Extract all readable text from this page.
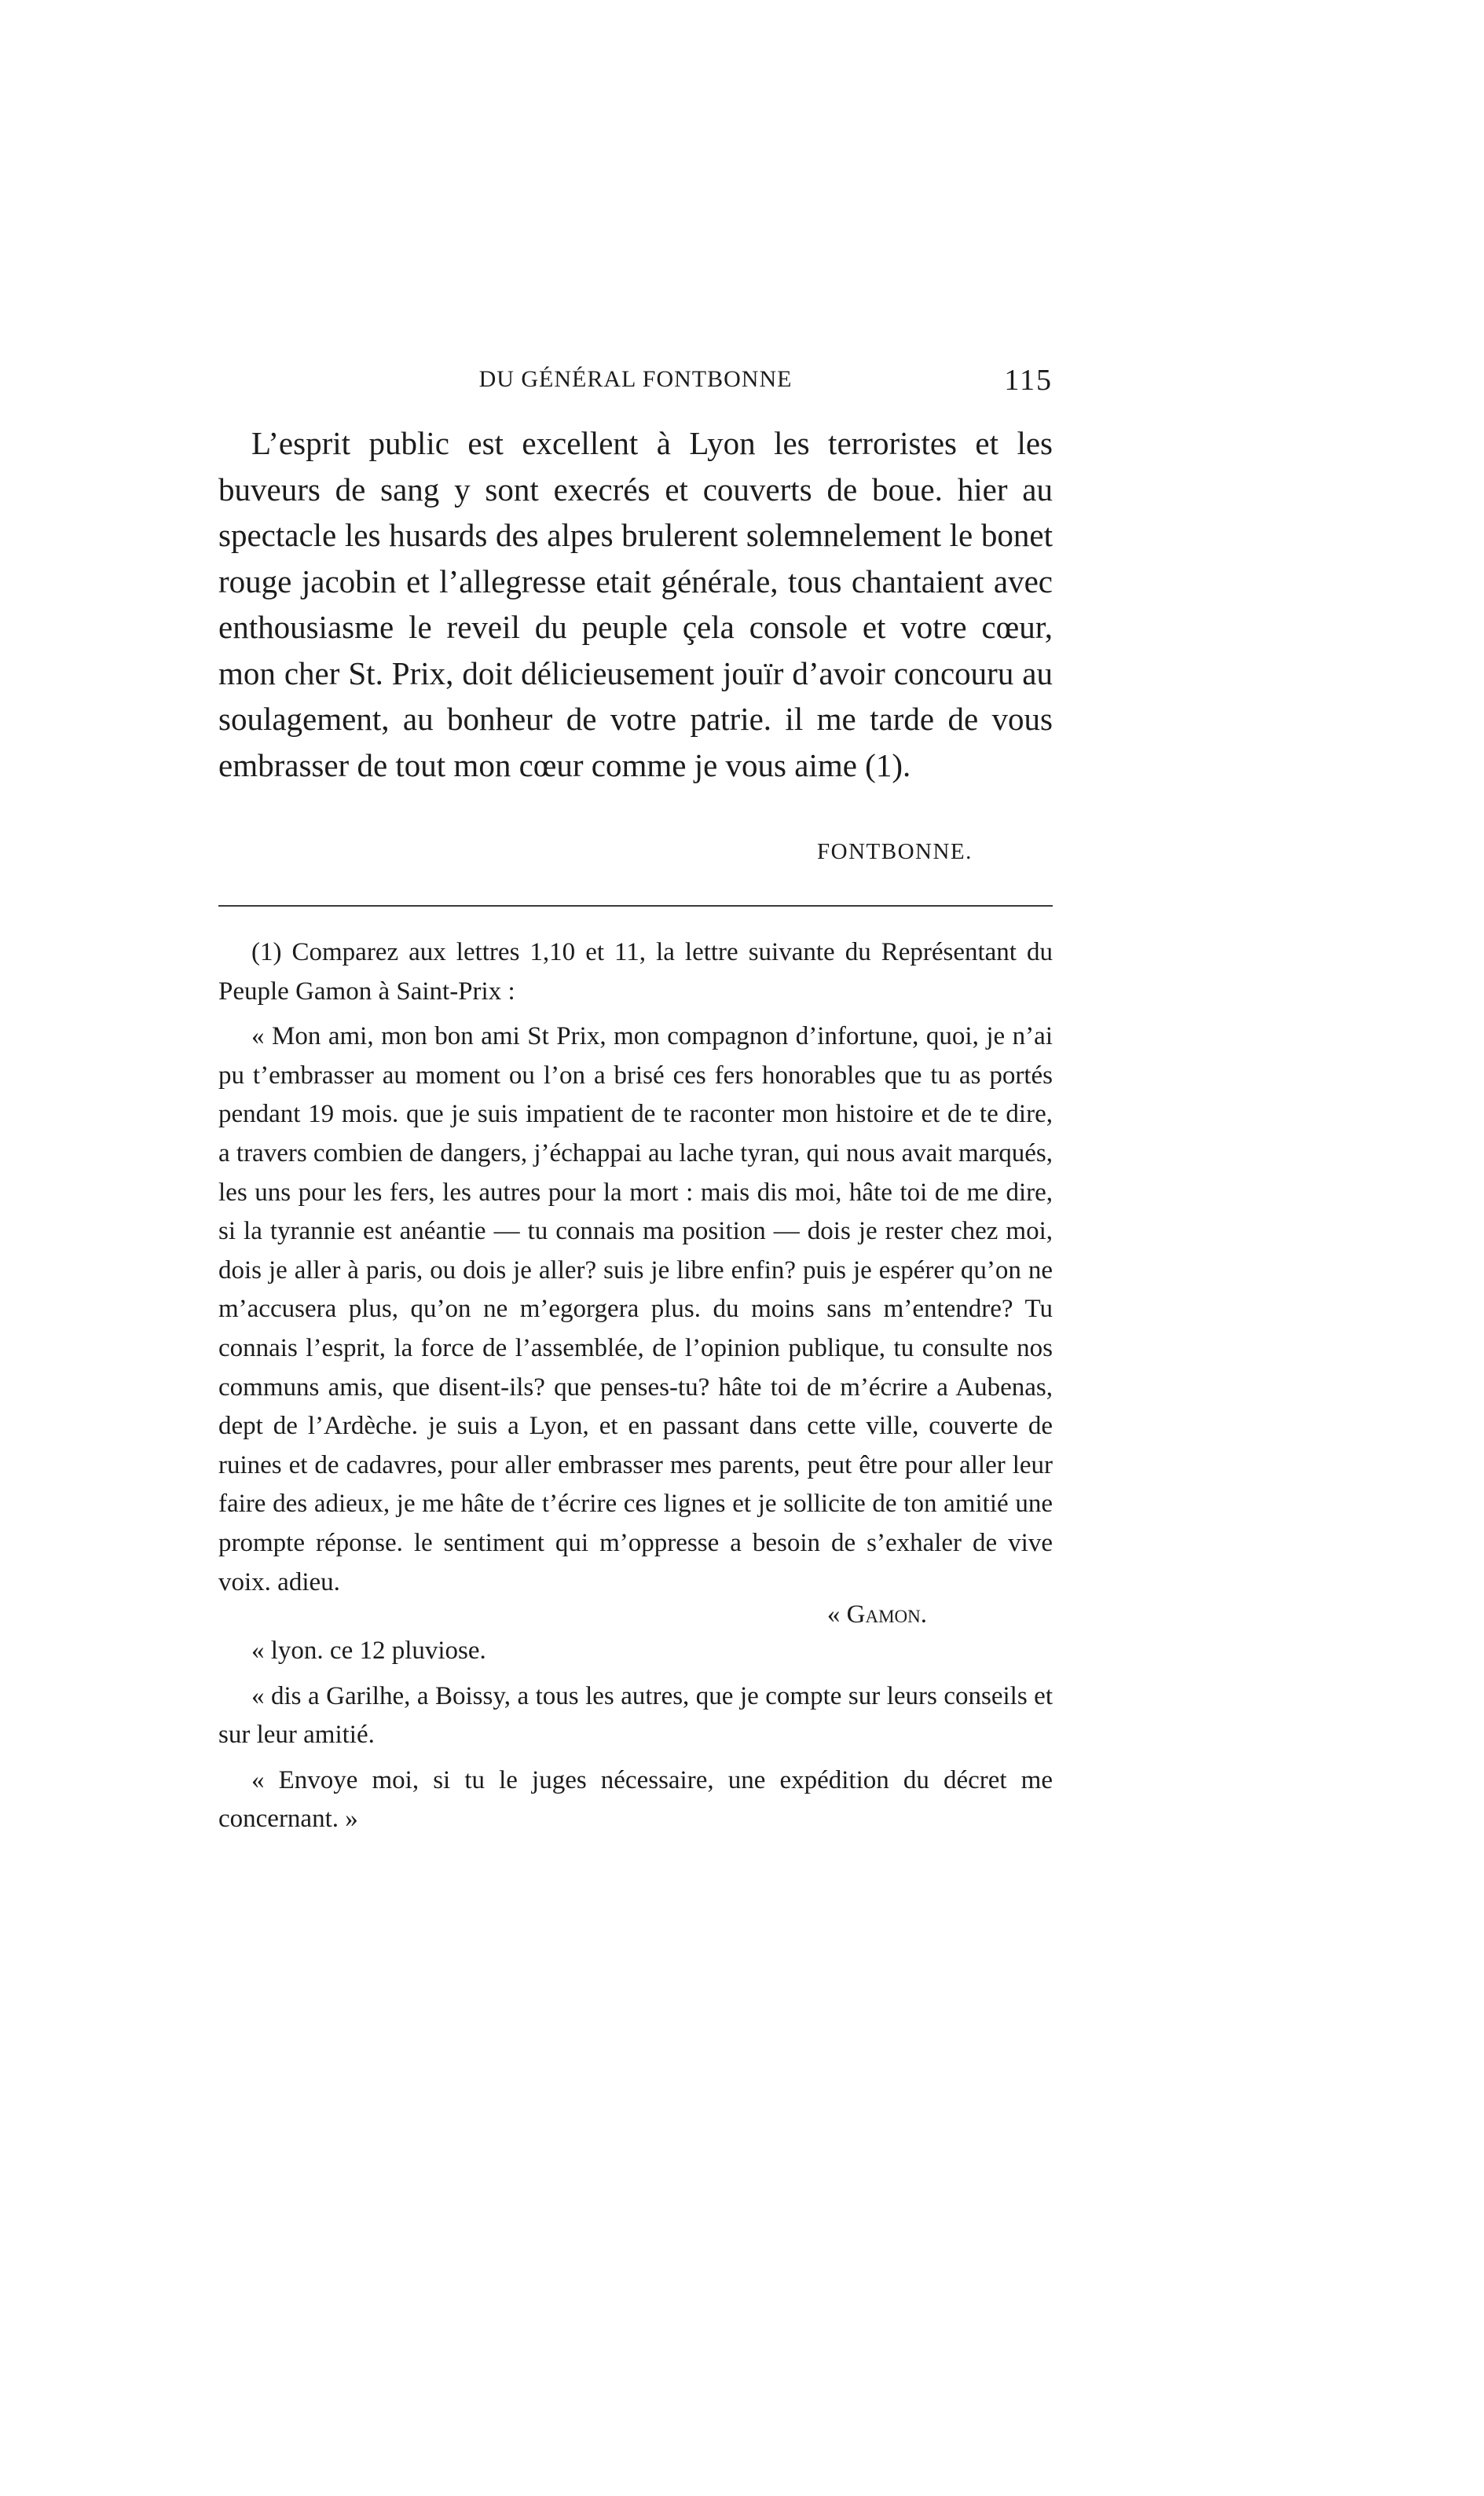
DU GÉNÉRAL FONTBONNE	115

L’esprit public est excellent à Lyon les terroristes et les buveurs de sang y sont execrés et couverts de boue. hier au spectacle les husards des alpes brulerent solemnelement le bonet rouge jacobin et l’allegresse etait générale, tous chantaient avec enthousiasme le reveil du peuple çela console et votre cœur, mon cher St. Prix, doit délicieusement jouïr d’avoir concouru au soulagement, au bonheur de votre patrie. il me tarde de vous embrasser de tout mon cœur comme je vous aime (1).

FONTBONNE.

(1) Comparez aux lettres 1,10 et 11, la lettre suivante du Représentant du Peuple Gamon à Saint-Prix :

« Mon ami, mon bon ami St Prix, mon compagnon d’infortune, quoi, je n’ai pu t’embrasser au moment ou l’on a brisé ces fers honorables que tu as portés pendant 19 mois. que je suis impatient de te raconter mon histoire et de te dire, a travers combien de dangers, j’échappai au lache tyran, qui nous avait marqués, les uns pour les fers, les autres pour la mort : mais dis moi, hâte toi de me dire, si la tyrannie est anéantie — tu connais ma position — dois je rester chez moi, dois je aller à paris, ou dois je aller? suis je libre enfin? puis je espérer qu’on ne m’accusera plus, qu’on ne m’egorgera plus. du moins sans m’entendre? Tu connais l’esprit, la force de l’assemblée, de l’opinion publique, tu consulte nos communs amis, que disent-ils? que penses-tu? hâte toi de m’écrire a Aubenas, dept de l’Ardèche. je suis a Lyon, et en passant dans cette ville, couverte de ruines et de cadavres, pour aller embrasser mes parents, peut être pour aller leur faire des adieux, je me hâte de t’écrire ces lignes et je sollicite de ton amitié une prompte réponse. le sentiment qui m’oppresse a besoin de s’exhaler de vive voix. adieu.

« Gamon.

« lyon. ce 12 pluviose.

« dis a Garilhe, a Boissy, a tous les autres, que je compte sur leurs conseils et sur leur amitié.

« Envoye moi, si tu le juges nécessaire, une expédition du décret me concernant. »
